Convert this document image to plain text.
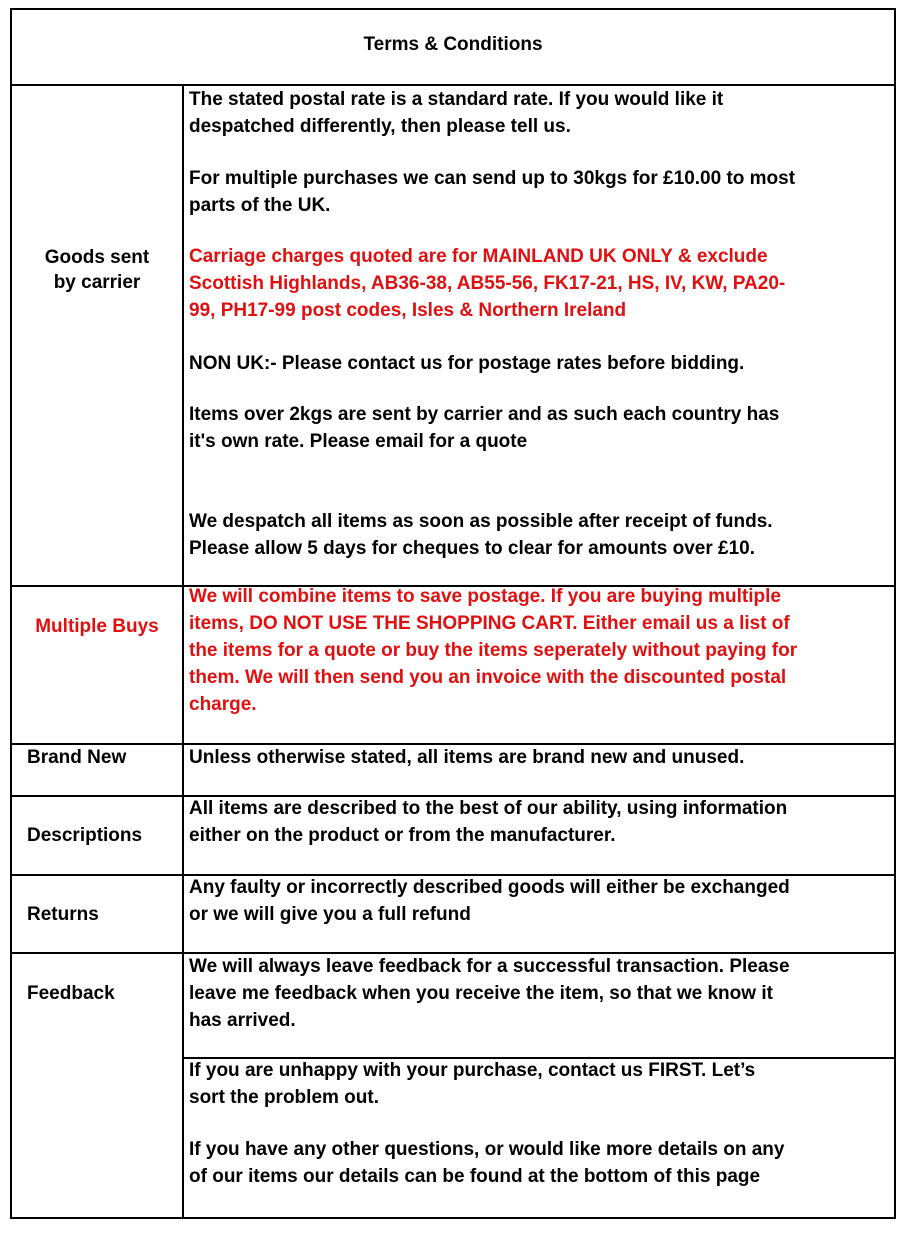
Terms & Conditions
Goods sent
by carrier
Multiple Buys
Brand New
Descriptions
Returns
Feedback

The stated postal rate is a standard rate. If you would like it
despatched differently, then please tell us.

For multiple purchases we can send up to 30kgs for £10.00 to most
parts of the UK.

Carriage charges quoted are for MAINLAND UK ONLY & exclude
Scottish Highlands, AB36-38, AB55-56, FK17-21, HS, IV, KW, PA20-
99, PH17-99 post codes, Isles & Northern Ireland

NON UK:- Please contact us for postage rates before bidding.

Items over 2kgs are sent by carrier and as such each country has
it's own rate. Please email for a quote

We despatch all items as soon as possible after receipt of funds.
Please allow 5 days for cheques to clear for amounts over £10.

We will combine items to save postage. If you are buying multiple
items, DO NOT USE THE SHOPPING CART. Either email us a list of
the items for a quote or buy the items seperately without paying for
them. We will then send you an invoice with the discounted postal
charge.

Unless otherwise stated, all items are brand new and unused.

All items are described to the best of our ability, using information
either on the product or from the manufacturer.

Any faulty or incorrectly described goods will either be exchanged
or we will give you a full refund

We will always leave feedback for a successful transaction. Please
leave me feedback when you receive the item, so that we know it
has arrived.

If you are unhappy with your purchase, contact us FIRST. Let’s
sort the problem out.

If you have any other questions, or would like more details on any
of our items our details can be found at the bottom of this page
